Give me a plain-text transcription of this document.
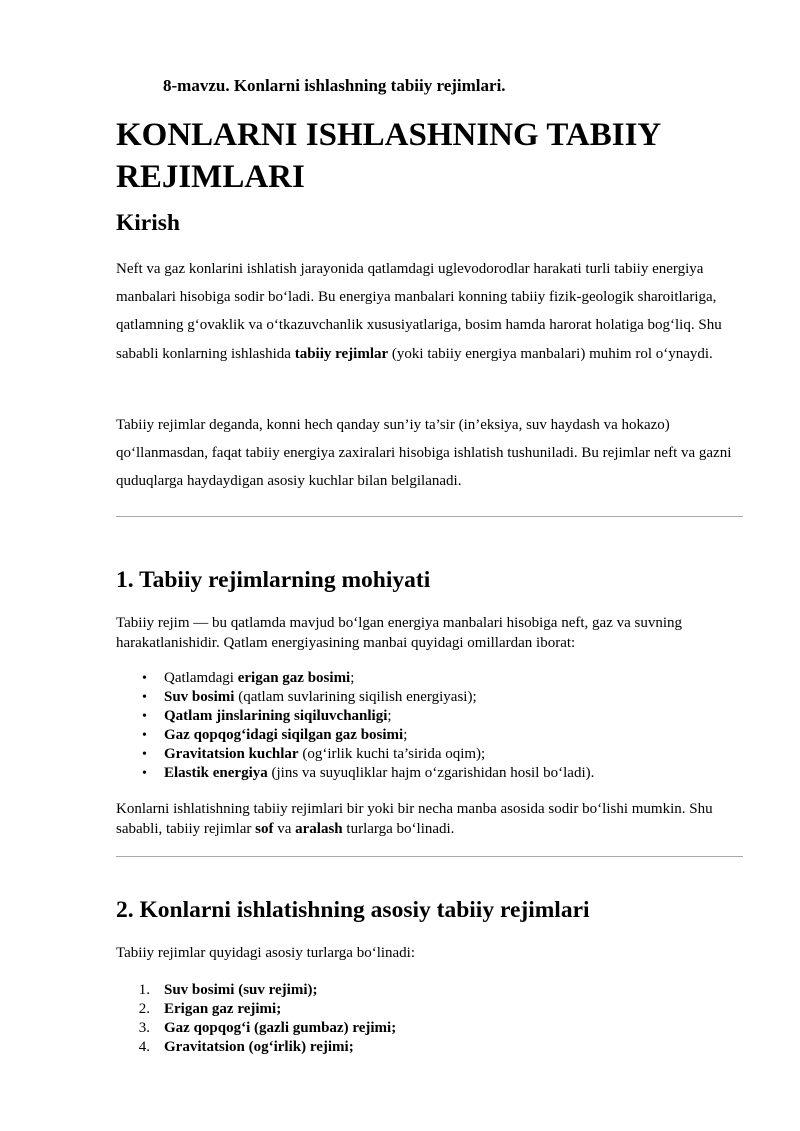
8-mavzu. Konlarni ishlashning tabiiy rejimlari.
KONLARNI ISHLASHNING TABIIY
REJIMLARI
Kirish

Neft va gaz konlarini ishlatish jarayonida qatlamdagi uglevodorodlar harakati turli tabiiy energiya manbalari hisobiga sodir bo‘ladi. Bu energiya manbalari konning tabiiy fizik-geologik sharoitlariga, qatlamning g‘ovaklik va o‘tkazuvchanlik xususiyatlariga, bosim hamda harorat holatiga bog‘liq. Shu sababli konlarning ishlashida tabiiy rejimlar (yoki tabiiy energiya manbalari) muhim rol o‘ynaydi.

Tabiiy rejimlar deganda, konni hech qanday sun’iy ta’sir (in’eksiya, suv haydash va hokazo) qo‘llanmasdan, faqat tabiiy energiya zaxiralari hisobiga ishlatish tushuniladi. Bu rejimlar neft va gazni quduqlarga haydaydigan asosiy kuchlar bilan belgilanadi.

1. Tabiiy rejimlarning mohiyati

Tabiiy rejim — bu qatlamda mavjud bo‘lgan energiya manbalari hisobiga neft, gaz va suvning harakatlanishidir. Qatlam energiyasining manbai quyidagi omillardan iborat:

• Qatlamdagi erigan gaz bosimi;
• Suv bosimi (qatlam suvlarining siqilish energiyasi);
• Qatlam jinslarining siqiluvchanligi;
• Gaz qopqog‘idagi siqilgan gaz bosimi;
• Gravitatsion kuchlar (og‘irlik kuchi ta’sirida oqim);
• Elastik energiya (jins va suyuqliklar hajm o‘zgarishidan hosil bo‘ladi).

Konlarni ishlatishning tabiiy rejimlari bir yoki bir necha manba asosida sodir bo‘lishi mumkin. Shu sababli, tabiiy rejimlar sof va aralash turlarga bo‘linadi.

2. Konlarni ishlatishning asosiy tabiiy rejimlari

Tabiiy rejimlar quyidagi asosiy turlarga bo‘linadi:

1. Suv bosimi (suv rejimi);
2. Erigan gaz rejimi;
3. Gaz qopqog‘i (gazli gumbaz) rejimi;
4. Gravitatsion (og‘irlik) rejimi;
